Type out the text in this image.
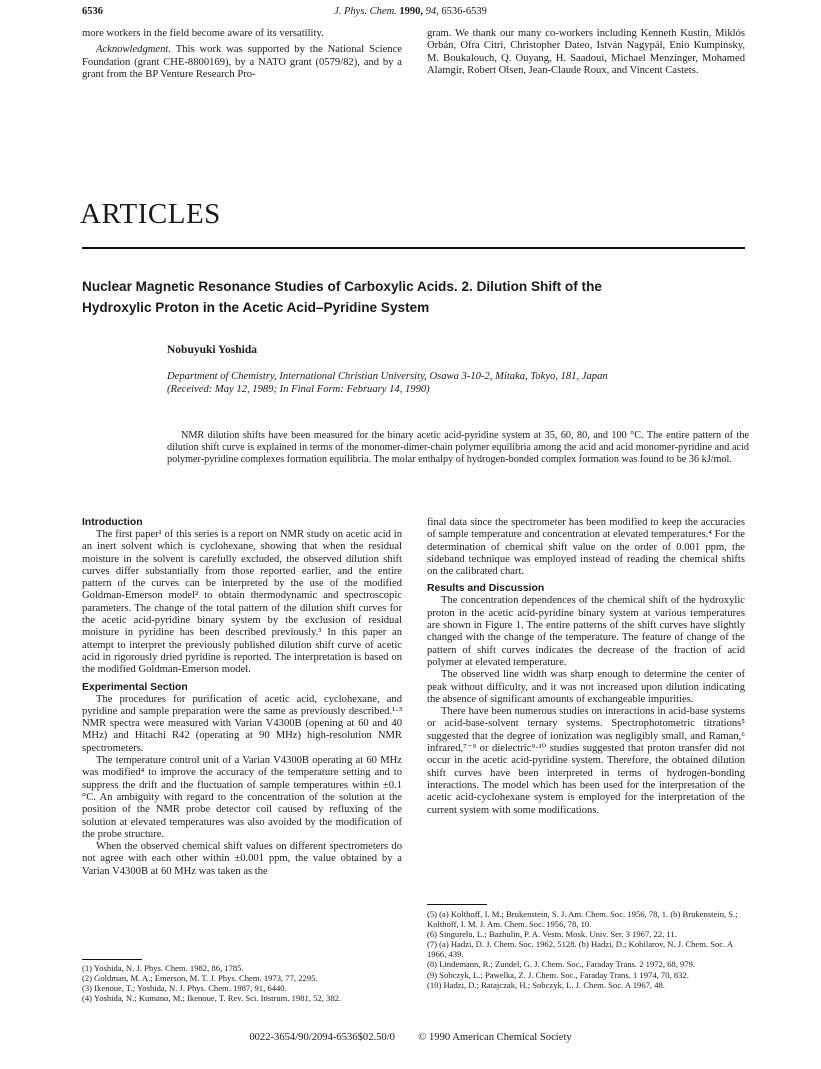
6536	J. Phys. Chem. 1990, 94, 6536-6539
more workers in the field become aware of its versatility.
Acknowledgment. This work was supported by the National Science Foundation (grant CHE-8800169), by a NATO grant (0579/82), and by a grant from the BP Venture Research Pro-
gram. We thank our many co-workers including Kenneth Kustin, Miklós Orbán, Ofra Citri, Christopher Dateo, István Nagypál, Enio Kumpinsky, M. Boukalouch, Q. Ouyang, H. Saadoui, Michael Menzinger, Mohamed Alamgir, Robert Olsen, Jean-Claude Roux, and Vincent Castets.
ARTICLES
Nuclear Magnetic Resonance Studies of Carboxylic Acids. 2. Dilution Shift of the
Hydroxylic Proton in the Acetic Acid–Pyridine System
Nobuyuki Yoshida
Department of Chemistry, International Christian University, Osawa 3-10-2, Mitaka, Tokyo, 181, Japan
(Received: May 12, 1989; In Final Form: February 14, 1990)
NMR dilution shifts have been measured for the binary acetic acid-pyridine system at 35, 60, 80, and 100 °C. The entire pattern of the dilution shift curve is explained in terms of the monomer-dimer-chain polymer equilibria among the acid and acid monomer-pyridine and acid polymer-pyridine complexes formation equilibria. The molar enthalpy of hydrogen-bonded complex formation was found to be 36 kJ/mol.
Introduction
The first paper¹ of this series is a report on NMR study on acetic acid in an inert solvent which is cyclohexane, showing that when the residual moisture in the solvent is carefully excluded, the observed dilution shift curves differ substantially from those reported earlier, and the entire pattern of the curves can be interpreted by the use of the modified Goldman-Emerson model² to obtain thermodynamic and spectroscopic parameters. The change of the total pattern of the dilution shift curves for the acetic acid-pyridine binary system by the exclusion of residual moisture in pyridine has been described previously.³ In this paper an attempt to interpret the previously published dilution shift curve of acetic acid in rigorously dried pyridine is reported. The interpretation is based on the modified Goldman-Emerson model.
Experimental Section
The procedures for purification of acetic acid, cyclohexane, and pyridine and sample preparation were the same as previously described.¹·³ NMR spectra were measured with Varian V4300B (opening at 60 and 40 MHz) and Hitachi R42 (operating at 90 MHz) high-resolution NMR spectrometers.
The temperature control unit of a Varian V4300B operating at 60 MHz was modified⁴ to improve the accuracy of the temperature setting and to suppress the drift and the fluctuation of sample temperatures within ±0.1 °C. An ambiguity with regard to the concentration of the solution at the position of the NMR probe detector coil caused by refluxing of the solution at elevated temperatures was also avoided by the modification of the probe structure.
When the observed chemical shift values on different spectrometers do not agree with each other within ±0.001 ppm, the value obtained by a Varian V4300B at 60 MHz was taken as the
(1) Yoshida, N. J. Phys. Chem. 1982, 86, 1785.
(2) Goldman, M. A.; Emerson, M. T. J. Phys. Chem. 1973, 77, 2295.
(3) Ikenoue, T.; Yoshida, N. J. Phys. Chem. 1987, 91, 6440.
(4) Yoshida, N.; Kumano, M.; Ikenoue, T. Rev. Sci. Instrum. 1981, 52, 382.
final data since the spectrometer has been modified to keep the accuracies of sample temperature and concentration at elevated temperatures.⁴ For the determination of chemical shift value on the order of 0.001 ppm, the sideband technique was employed instead of reading the chemical shifts on the calibrated chart.
Results and Discussion
The concentration dependences of the chemical shift of the hydroxylic proton in the acetic acid-pyridine binary system at various temperatures are shown in Figure 1. The entire patterns of the shift curves have slightly changed with the change of the temperature. The feature of change of the pattern of shift curves indicates the decrease of the fraction of acid polymer at elevated temperature.
The observed line width was sharp enough to determine the center of peak without difficulty, and it was not increased upon dilution indicating the absence of significant amounts of exchangeable impurities.
There have been numerous studies on interactions in acid-base systems or acid-base-solvent ternary systems. Spectrophotometric titrations⁵ suggested that the degree of ionization was negligibly small, and Raman,⁶ infrared,⁷⁻⁹ or dielectric⁹·¹⁰ studies suggested that proton transfer did not occur in the acetic acid-pyridine system. Therefore, the obtained dilution shift curves have been interpreted in terms of hydrogen-bonding interactions. The model which has been used for the interpretation of the acetic acid-cyclohexane system is employed for the interpretation of the current system with some modifications.
(5) (a) Kolthoff, I. M.; Brukenstein, S. J. Am. Chem. Soc. 1956, 78, 1. (b) Brukenstein, S.; Kolthoff, I. M. J. Am. Chem. Soc. 1956, 78, 10.
(6) Singurelu, L.; Bazhulin, P. A. Vestn. Mosk. Univ. Ser. 3 1967, 22, 11.
(7) (a) Hadzi, D. J. Chem. Soc. 1962, 5128. (b) Hadzi, D.; Kobilarov, N. J. Chem. Soc. A 1966, 439.
(8) Lindemann, R.; Zundel, G. J. Chem. Soc., Faraday Trans. 2 1972, 68, 979.
(9) Sobczyk, L.; Pawelka, Z. J. Chem. Soc., Faraday Trans. 1 1974, 70, 832.
(10) Hadzi, D.; Ratajczak, H.; Sobczyk, L. J. Chem. Soc. A 1967, 48.
0022-3654/90/2094-6536$02.50/0 © 1990 American Chemical Society
